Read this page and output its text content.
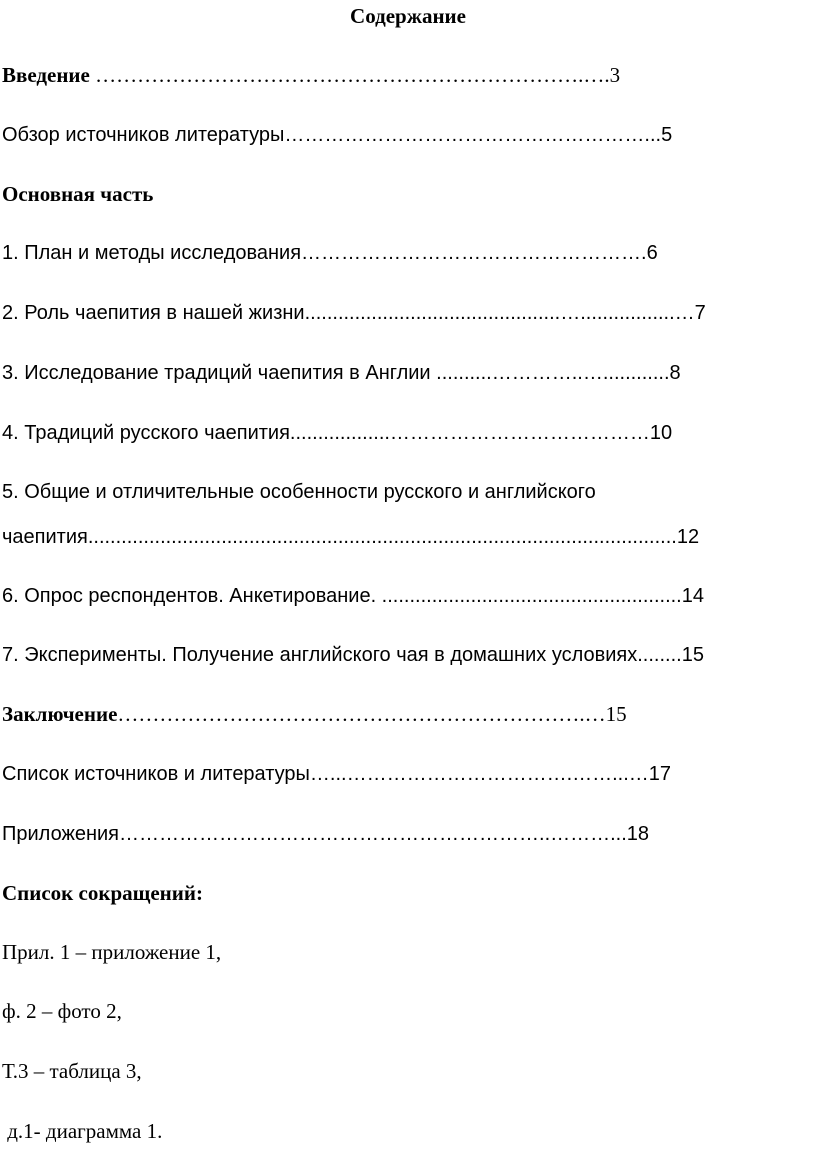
Содержание
Введение …………………………………………………………….….3
Обзор источников литературы………………………………………………...5
Основная часть
1. План и методы исследования…………………………………………….6
2. Роль чаепития в нашей жизни..............................................….................…7
3. Исследование традиций чаепития в Англии ..........…………..…............8
4. Традиций русского чаепития..................…………………………………10
5. Общие и отличительные особенности русского и английского
чаепития..........................................................................................................12
6. Опрос респондентов. Анкетирование. ......................................................14
7. Эксперименты. Получение английского чая в домашних условиях........15
Заключение………………………………………………………….…15
Список источников и литературы…...…………………………….……...…17
Приложения………………………………………………………..………...18
Список сокращений:
Прил. 1 – приложение 1,
ф. 2 – фото 2,
Т.3 – таблица 3,
д.1- диаграмма 1.
